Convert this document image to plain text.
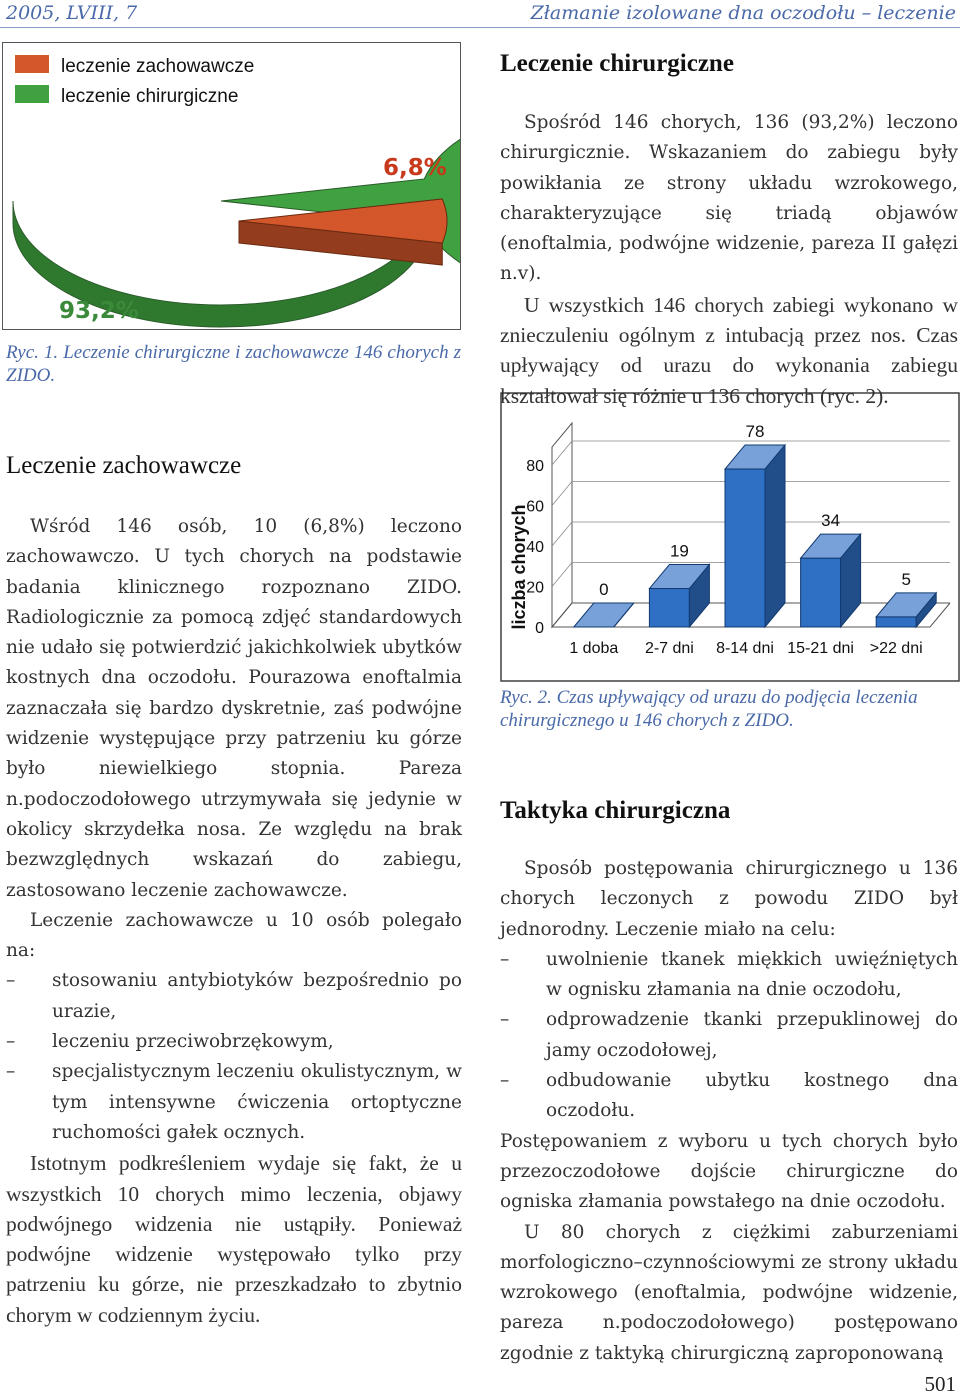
2005, LVIII, 7	Złamanie izolowane dna oczodołu – leczenie
leczenie zachowawcze
leczenie chirurgiczne
6,8%
93,2%
Ryc. 1. Leczenie chirurgiczne i zachowawcze 146 chorych z ZIDO.
Leczenie chirurgiczne

Spośród 146 chorych, 136 (93,2%) leczono chirurgicznie. Wskazaniem do zabiegu były powikłania ze strony układu wzrokowego, charakteryzujące się triadą objawów (enoftalmia, podwójne widzenie, pareza II gałęzi n.v).

U wszystkich 146 chorych zabiegi wykonano w znieczuleniu ogólnym z intubacją przez nos. Czas upływający od urazu do wykonania zabiegu kształtował się różnie u 136 chorych (ryc. 2).

0
20
40
60
80
0
1 doba
19
2-7 dni
78
8-14 dni
34
15-21 dni
5
>22 dni
liczba chorych
Ryc. 2. Czas upływający od urazu do podjęcia leczenia chirurgicznego u 146 chorych z ZIDO.
Leczenie zachowawcze

Wśród 146 osób, 10 (6,8%) leczono zachowawczo. U tych chorych na podstawie badania klinicznego rozpoznano ZIDO. Radiologicznie za pomocą zdjęć standardowych nie udało się potwierdzić jakichkolwiek ubytków kostnych dna oczodołu. Pourazowa enoftalmia zaznaczała się bardzo dyskretnie, zaś podwójne widzenie występujące przy patrzeniu ku górze było niewielkiego stopnia. Pareza n.podoczodołowego utrzymywała się jedynie w okolicy skrzydełka nosa. Ze względu na brak bezwzględnych wskazań do zabiegu, zastosowano leczenie zachowawcze.

Leczenie zachowawcze u 10 osób polegało na:

– stosowaniu antybiotyków bezpośrednio po urazie,
– leczeniu przeciwobrzękowym,
– specjalistycznym leczeniu okulistycznym, w tym intensywne ćwiczenia ortoptyczne ruchomości gałek ocznych.

Istotnym podkreśleniem wydaje się fakt, że u wszystkich 10 chorych mimo leczenia, objawy podwójnego widzenia nie ustąpiły. Ponieważ podwójne widzenie występowało tylko przy patrzeniu ku górze, nie przeszkadzało to zbytnio chorym w codziennym życiu.

Taktyka chirurgiczna

Sposób postępowania chirurgicznego u 136 chorych leczonych z powodu ZIDO był jednorodny. Leczenie miało na celu:

– uwolnienie tkanek miękkich uwięźniętych w ognisku złamania na dnie oczodołu,
– odprowadzenie tkanki przepuklinowej do jamy oczodołowej,
– odbudowanie ubytku kostnego dna oczodołu.

Postępowaniem z wyboru u tych chorych było przezoczodołowe dojście chirurgiczne do ogniska złamania powstałego na dnie oczodołu.

U 80 chorych z ciężkimi zaburzeniami morfologiczno–czynnościowymi ze strony układu wzrokowego (enoftalmia, podwójne widzenie, pareza n.podoczodołowego) postępowano zgodnie z taktyką chirurgiczną zaproponowaną

501
